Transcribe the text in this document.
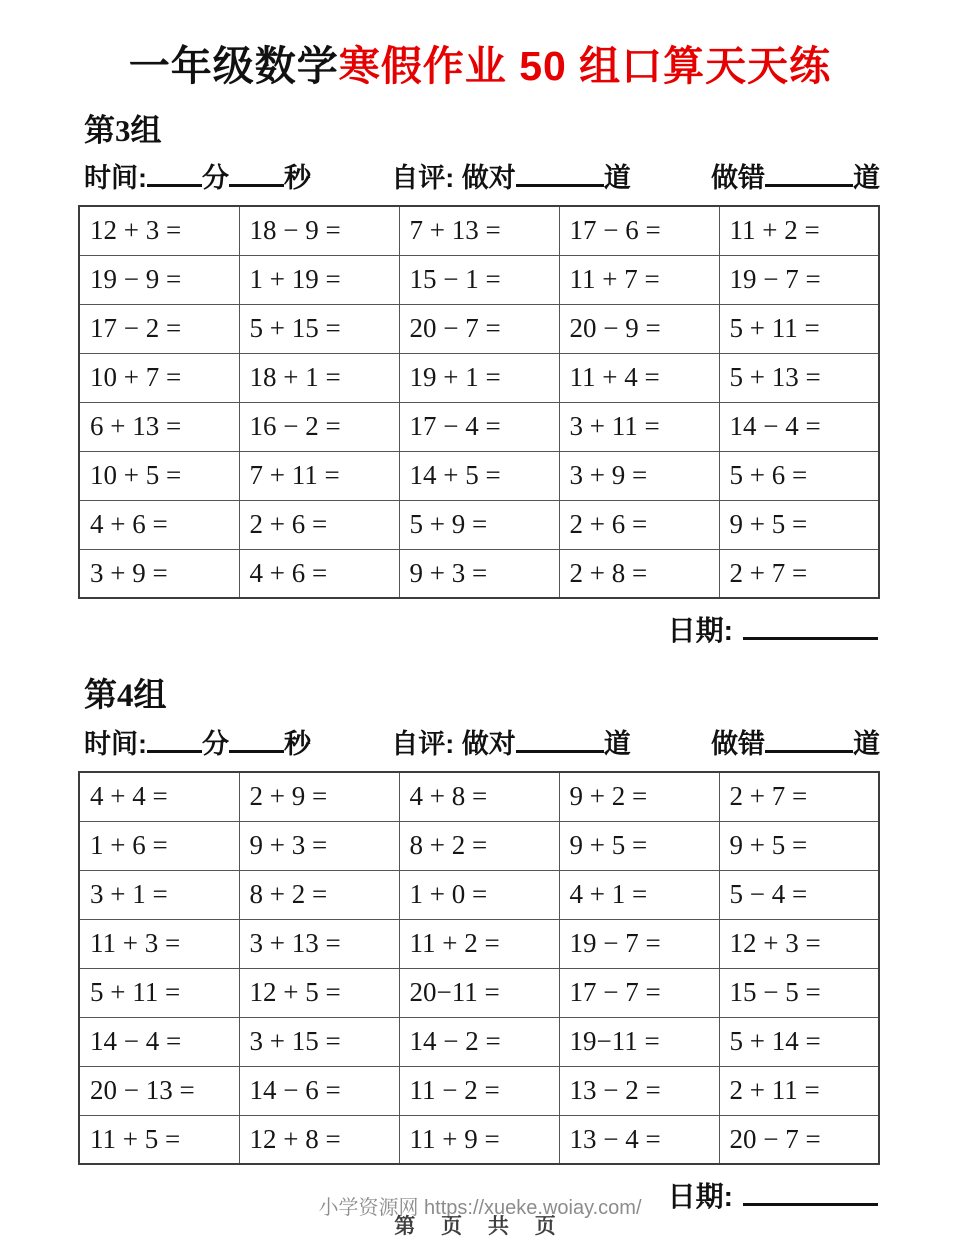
一年级数学寒假作业 50 组口算天天练
第3组
时间: 分 秒	自评: 做对	道	做错	道
12 + 3 =	18 − 9 =	7 + 13 =	17 − 6 =	11 + 2 =
19 − 9 =	1 + 19 =	15 − 1 =	11 + 7 =	19 − 7 =
17 − 2 =	5 + 15 =	20 − 7 =	20 − 9 =	5 + 11 =
10 + 7 =	18 + 1 =	19 + 1 =	11 + 4 =	5 + 13 =
6 + 13 =	16 − 2 =	17 − 4 =	3 + 11 =	14 − 4 =
10 + 5 =	7 + 11 =	14 + 5 =	3 + 9 =	5 + 6 =
4 + 6 =	2 + 6 =	5 + 9 =	2 + 6 =	9 + 5 =
3 + 9 =	4 + 6 =	9 + 3 =	2 + 8 =	2 + 7 =
日期:
第4组
时间: 分 秒	自评: 做对	道	做错	道
4 + 4 =	2 + 9 =	4 + 8 =	9 + 2 =	2 + 7 =
1 + 6 =	9 + 3 =	8 + 2 =	9 + 5 =	9 + 5 =
3 + 1 =	8 + 2 =	1 + 0 =	4 + 1 =	5 − 4 =
11 + 3 =	3 + 13 =	11 + 2 =	19 − 7 =	12 + 3 =
5 + 11 =	12 + 5 =	20−11 =	17 − 7 =	15 − 5 =
14 − 4 =	3 + 15 =	14 − 2 =	19−11 =	5 + 14 =
20 − 13 =	14 − 6 =	11 − 2 =	13 − 2 =	2 + 11 =
11 + 5 =	12 + 8 =	11 + 9 =	13 − 4 =	20 − 7 =
日期:
小学资源网 https://xueke.woiay.com/
第 页 共 页
